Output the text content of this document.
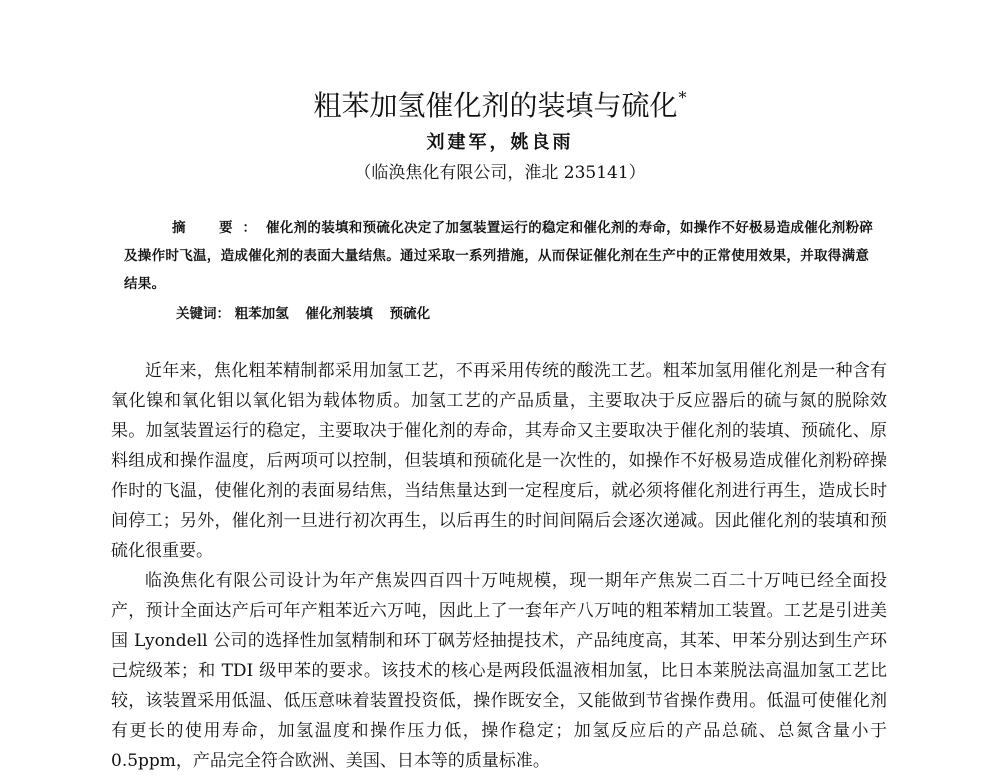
粗苯加氢催化剂的装填与硫化*
刘建军，姚良雨
（临涣焦化有限公司，淮北 235141）
摘　要：催化剂的装填和预硫化决定了加氢装置运行的稳定和催化剂的寿命，如操作不好极易造成催化剂粉碎及操作时飞温，造成催化剂的表面大量结焦。通过采取一系列措施，从而保证催化剂在生产中的正常使用效果，并取得满意结果。
关键词： 粗苯加氢 催化剂装填 预硫化

近年来，焦化粗苯精制都采用加氢工艺，不再采用传统的酸洗工艺。粗苯加氢用催化剂是一种含有氧化镍和氧化钼以氧化铝为载体物质。加氢工艺的产品质量，主要取决于反应器后的硫与氮的脱除效果。加氢装置运行的稳定，主要取决于催化剂的寿命，其寿命又主要取决于催化剂的装填、预硫化、原料组成和操作温度，后两项可以控制，但装填和预硫化是一次性的，如操作不好极易造成催化剂粉碎操作时的飞温，使催化剂的表面易结焦，当结焦量达到一定程度后，就必须将催化剂进行再生，造成长时间停工；另外，催化剂一旦进行初次再生，以后再生的时间间隔后会逐次递减。因此催化剂的装填和预硫化很重要。

临涣焦化有限公司设计为年产焦炭四百四十万吨规模，现一期年产焦炭二百二十万吨已经全面投产，预计全面达产后可年产粗苯近六万吨，因此上了一套年产八万吨的粗苯精加工装置。工艺是引进美国 Lyondell 公司的选择性加氢精制和环丁砜芳烃抽提技术，产品纯度高，其苯、甲苯分别达到生产环己烷级苯；和 TDI 级甲苯的要求。该技术的核心是两段低温液相加氢，比日本莱脱法高温加氢工艺比较，该装置采用低温、低压意味着装置投资低，操作既安全，又能做到节省操作费用。低温可使催化剂有更长的使用寿命，加氢温度和操作压力低，操作稳定；加氢反应后的产品总硫、总氮含量小于 0.5ppm，产品完全符合欧洲、美国、日本等的质量标准。
